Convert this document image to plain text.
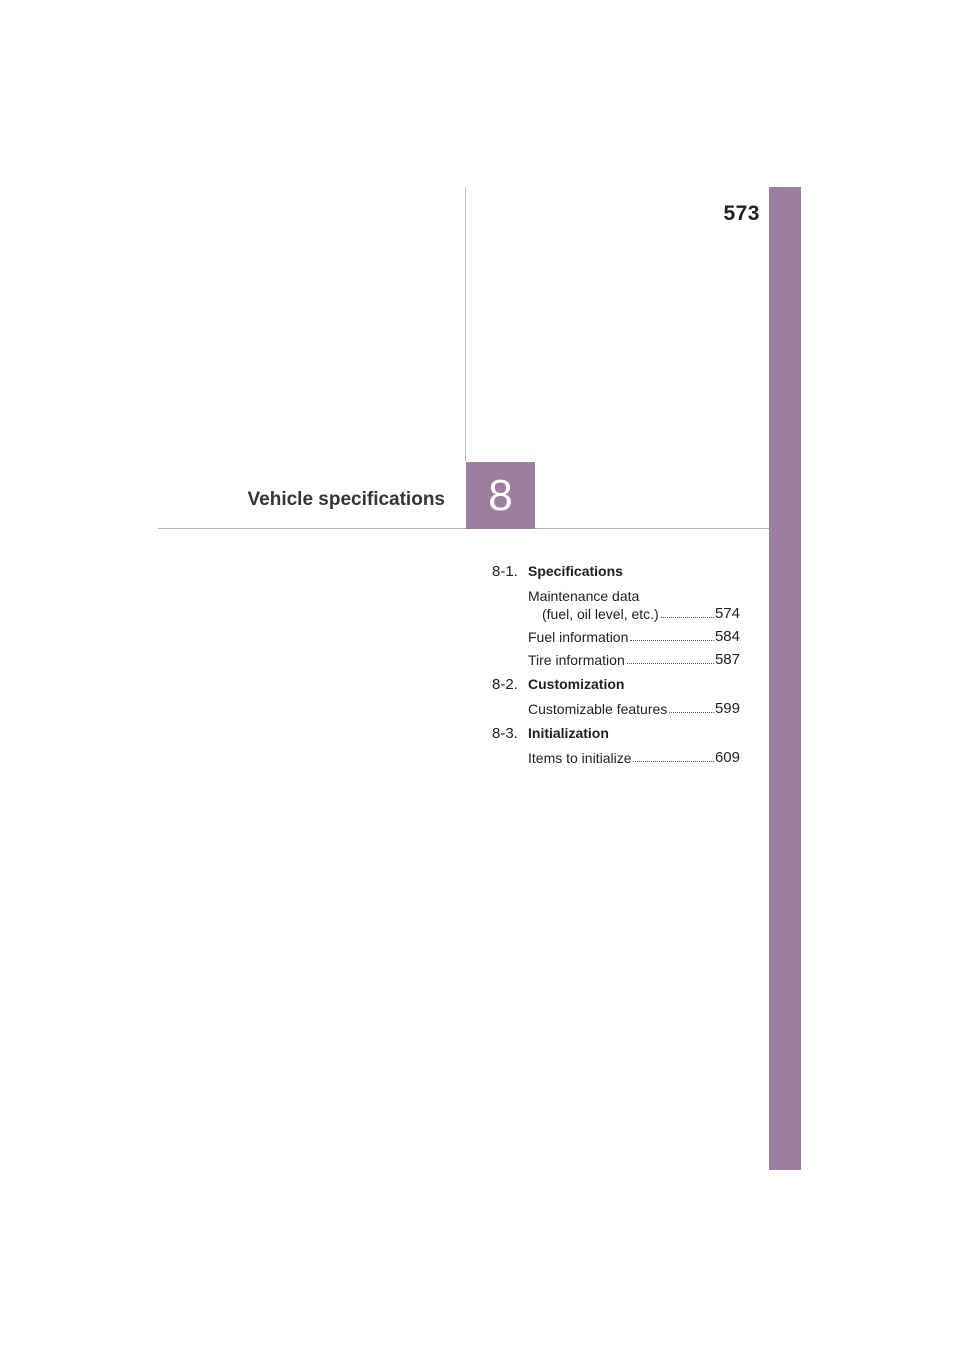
573
Vehicle specifications 8
8-1. Specifications
Maintenance data
(fuel, oil level, etc.)	574
Fuel information	584
Tire information	587
8-2. Customization
Customizable features	599
8-3. Initialization
Items to initialize	609
